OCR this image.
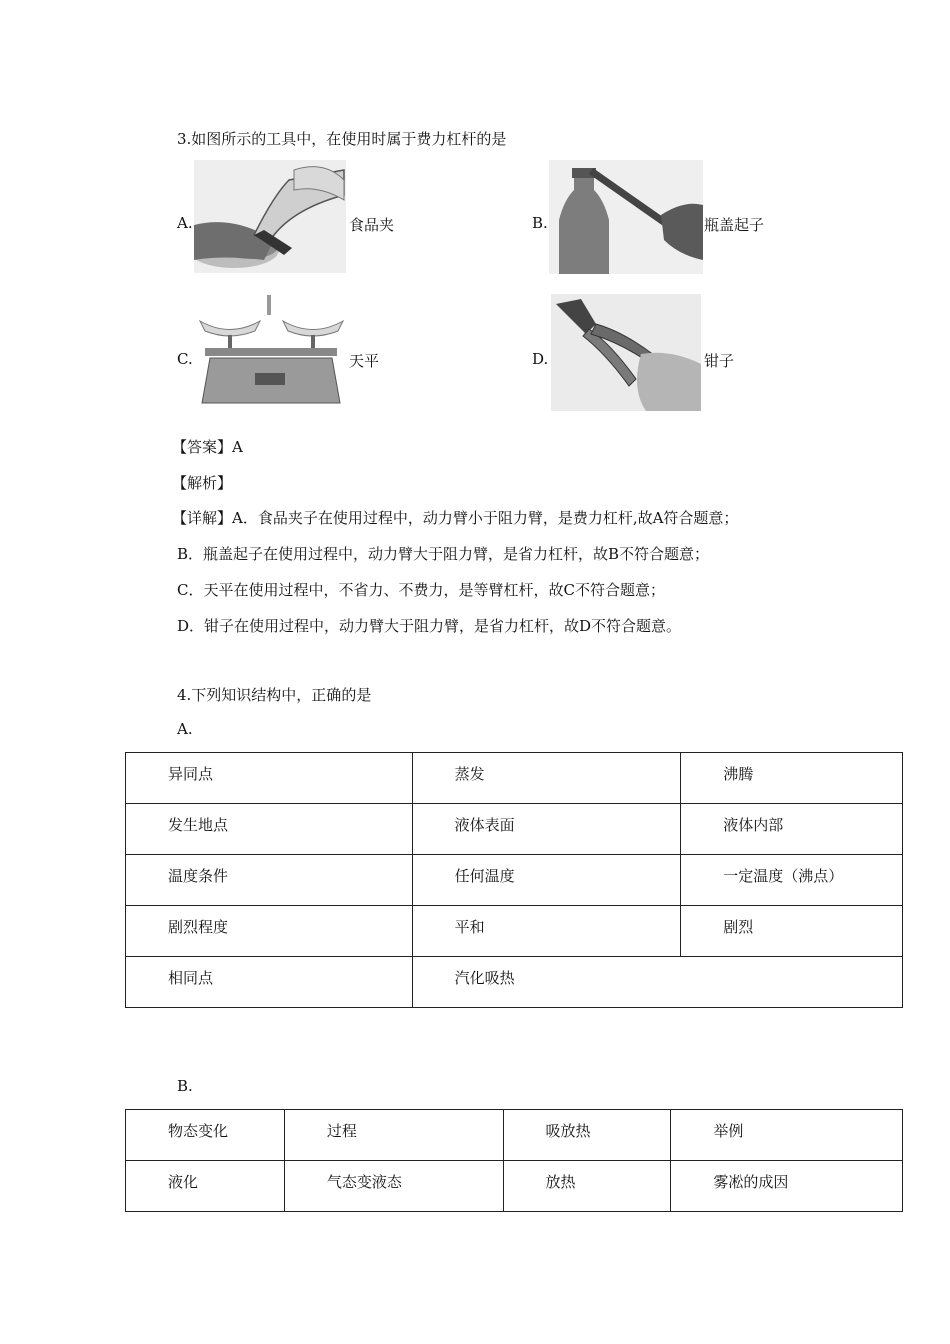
3.如图所示的工具中，在使用时属于费力杠杆的是
A.	食品夹	B.	瓶盖起子
C.	天平	D.	钳子
【答案】A
【解析】
【详解】A．食品夹子在使用过程中，动力臂小于阻力臂，是费力杠杆,故A符合题意；
B．瓶盖起子在使用过程中，动力臂大于阻力臂，是省力杠杆，故B不符合题意；
C．天平在使用过程中，不省力、不费力，是等臂杠杆，故C不符合题意；
D．钳子在使用过程中，动力臂大于阻力臂，是省力杠杆，故D不符合题意。
4.下列知识结构中，正确的是
A.
异同点	蒸发	沸腾
发生地点	液体表面	液体内部
温度条件	任何温度	一定温度（沸点）
剧烈程度	平和	剧烈
相同点	汽化吸热	
B.
物态变化	过程	吸放热	举例
液化	气态变液态	放热	雾凇的成因
